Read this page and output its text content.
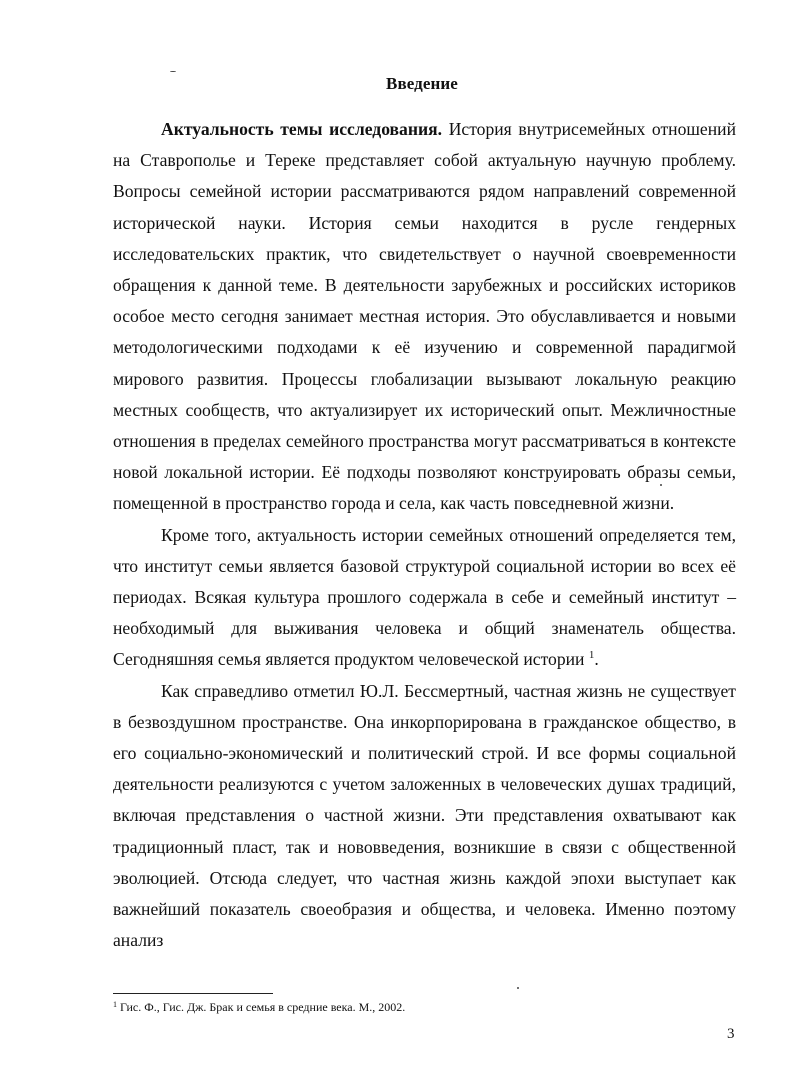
Введение

Актуальность темы исследования. История внутрисемейных отношений на Ставрополье и Тереке представляет собой актуальную научную проблему. Вопросы семейной истории рассматриваются рядом направлений современной исторической науки. История семьи находится в русле гендерных исследовательских практик, что свидетельствует о научной своевременности обращения к данной теме. В деятельности зарубежных и российских историков особое место сегодня занимает местная история. Это обуславливается и новыми методологическими подходами к её изучению и современной парадигмой мирового развития. Процессы глобализации вызывают локальную реакцию местных сообществ, что актуализирует их исторический опыт. Межличностные отношения в пределах семейного пространства могут рассматриваться в контексте новой локальной истории. Её подходы позволяют конструировать образы семьи, помещенной в пространство города и села, как часть повседневной жизни.

Кроме того, актуальность истории семейных отношений определяется тем, что институт семьи является базовой структурой социальной истории во всех её периодах. Всякая культура прошлого содержала в себе и семейный институт – необходимый для выживания человека и общий знаменатель общества. Сегодняшняя семья является продуктом человеческой истории $^1$.

Как справедливо отметил Ю.Л. Бессмертный, частная жизнь не существует в безвоздушном пространстве. Она инкорпорирована в гражданское общество, в его социально-экономический и политический строй. И все формы социальной деятельности реализуются с учетом заложенных в человеческих душах традиций, включая представления о частной жизни. Эти представления охватывают как традиционный пласт, так и нововведения, возникшие в связи с общественной эволюцией. Отсюда следует, что частная жизнь каждой эпохи выступает как важнейший показатель своеобразия и общества, и человека. Именно поэтому анализ

$^1$ Гис. Ф., Гис. Дж. Брак и семья в средние века. М., 2002.
3
